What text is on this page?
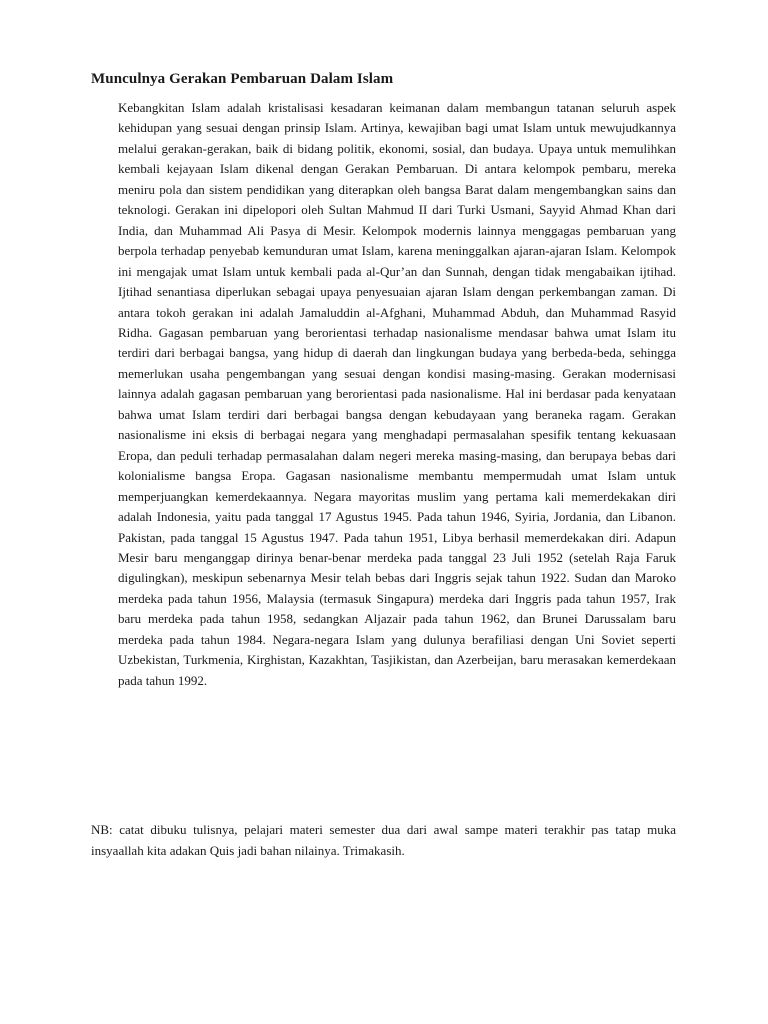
Munculnya Gerakan Pembaruan Dalam Islam

Kebangkitan Islam adalah kristalisasi kesadaran keimanan dalam membangun tatanan seluruh aspek kehidupan yang sesuai dengan prinsip Islam. Artinya, kewajiban bagi umat Islam untuk mewujudkannya melalui gerakan-gerakan, baik di bidang politik, ekonomi, sosial, dan budaya. Upaya untuk memulihkan kembali kejayaan Islam dikenal dengan Gerakan Pembaruan. Di antara kelompok pembaru, mereka meniru pola dan sistem pendidikan yang diterapkan oleh bangsa Barat dalam mengembangkan sains dan teknologi. Gerakan ini dipelopori oleh Sultan Mahmud II dari Turki Usmani, Sayyid Ahmad Khan dari India, dan Muhammad Ali Pasya di Mesir. Kelompok modernis lainnya menggagas pembaruan yang berpola terhadap penyebab kemunduran umat Islam, karena meninggalkan ajaran-ajaran Islam. Kelompok ini mengajak umat Islam untuk kembali pada al-Qur’an dan Sunnah, dengan tidak mengabaikan ijtihad. Ijtihad senantiasa diperlukan sebagai upaya penyesuaian ajaran Islam dengan perkembangan zaman. Di antara tokoh gerakan ini adalah Jamaluddin al-Afghani, Muhammad Abduh, dan Muhammad Rasyid Ridha. Gagasan pembaruan yang berorientasi terhadap nasionalisme mendasar bahwa umat Islam itu terdiri dari berbagai bangsa, yang hidup di daerah dan lingkungan budaya yang berbeda-beda, sehingga memerlukan usaha pengembangan yang sesuai dengan kondisi masing-masing. Gerakan modernisasi lainnya adalah gagasan pembaruan yang berorientasi pada nasionalisme. Hal ini berdasar pada kenyataan bahwa umat Islam terdiri dari berbagai bangsa dengan kebudayaan yang beraneka ragam. Gerakan nasionalisme ini eksis di berbagai negara yang menghadapi permasalahan spesifik tentang kekuasaan Eropa, dan peduli terhadap permasalahan dalam negeri mereka masing-masing, dan berupaya bebas dari kolonialisme bangsa Eropa. Gagasan nasionalisme membantu mempermudah umat Islam untuk memperjuangkan kemerdekaannya. Negara mayoritas muslim yang pertama kali memerdekakan diri adalah Indonesia, yaitu pada tanggal 17 Agustus 1945. Pada tahun 1946, Syiria, Jordania, dan Libanon. Pakistan, pada tanggal 15 Agustus 1947. Pada tahun 1951, Libya berhasil memerdekakan diri. Adapun Mesir baru menganggap dirinya benar-benar merdeka pada tanggal 23 Juli 1952 (setelah Raja Faruk digulingkan), meskipun sebenarnya Mesir telah bebas dari Inggris sejak tahun 1922. Sudan dan Maroko merdeka pada tahun 1956, Malaysia (termasuk Singapura) merdeka dari Inggris pada tahun 1957, Irak baru merdeka pada tahun 1958, sedangkan Aljazair pada tahun 1962, dan Brunei Darussalam baru merdeka pada tahun 1984. Negara-negara Islam yang dulunya berafiliasi dengan Uni Soviet seperti Uzbekistan, Turkmenia, Kirghistan, Kazakhtan, Tasjikistan, dan Azerbeijan, baru merasakan kemerdekaan pada tahun 1992.

NB: catat dibuku tulisnya, pelajari materi semester dua dari awal sampe materi terakhir pas tatap muka insyaallah kita adakan Quis jadi bahan nilainya. Trimakasih.
